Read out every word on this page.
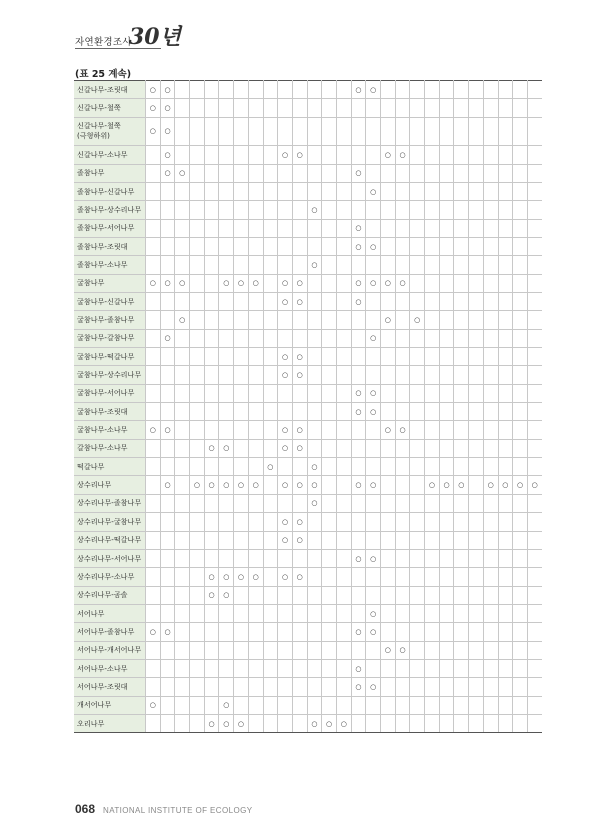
자연환경조사
30년
(표 25 계속)
신갈나무-조릿대	○	○													○	○											
신갈나무-철쭉	○	○																									
신갈나무-철쭉
(극형하위)	○	○																									
신갈나무-소나무		○								○	○						○	○									
졸참나무		○	○												○												
졸참나무-신갈나무																○											
졸참나무-상수리나무												○															
졸참나무-서어나무															○												
졸참나무-조릿대															○	○											
졸참나무-소나무												○															
굴참나무	○	○	○			○	○	○		○	○				○	○	○	○									
굴참나무-신갈나무										○	○				○												
굴참나무-졸참나무			○														○		○								
굴참나무-갈참나무		○														○											
굴참나무-떡갈나무										○	○																
굴참나무-상수리나무										○	○																
굴참나무-서어나무															○	○											
굴참나무-조릿대															○	○											
굴참나무-소나무	○	○								○	○						○	○									
갈참나무-소나무					○	○				○	○																
떡갈나무									○			○															
상수리나무		○		○	○	○	○	○		○	○	○			○	○				○	○	○		○	○	○	○
상수리나무-졸참나무												○															
상수리나무-굴참나무										○	○																
상수리나무-떡갈나무										○	○																
상수리나무-서어나무															○	○											
상수리나무-소나무					○	○	○	○		○	○																
상수리나무-곰솔					○	○																					
서어나무																○											
서어나무-졸참나무	○	○													○	○											
서어나무-개서어나무																	○	○									
서어나무-소나무															○												
서어나무-조릿대															○	○											
개서어나무	○					○																					
오리나무					○	○	○					○	○	○													
068 NATIONAL INSTITUTE OF ECOLOGY
